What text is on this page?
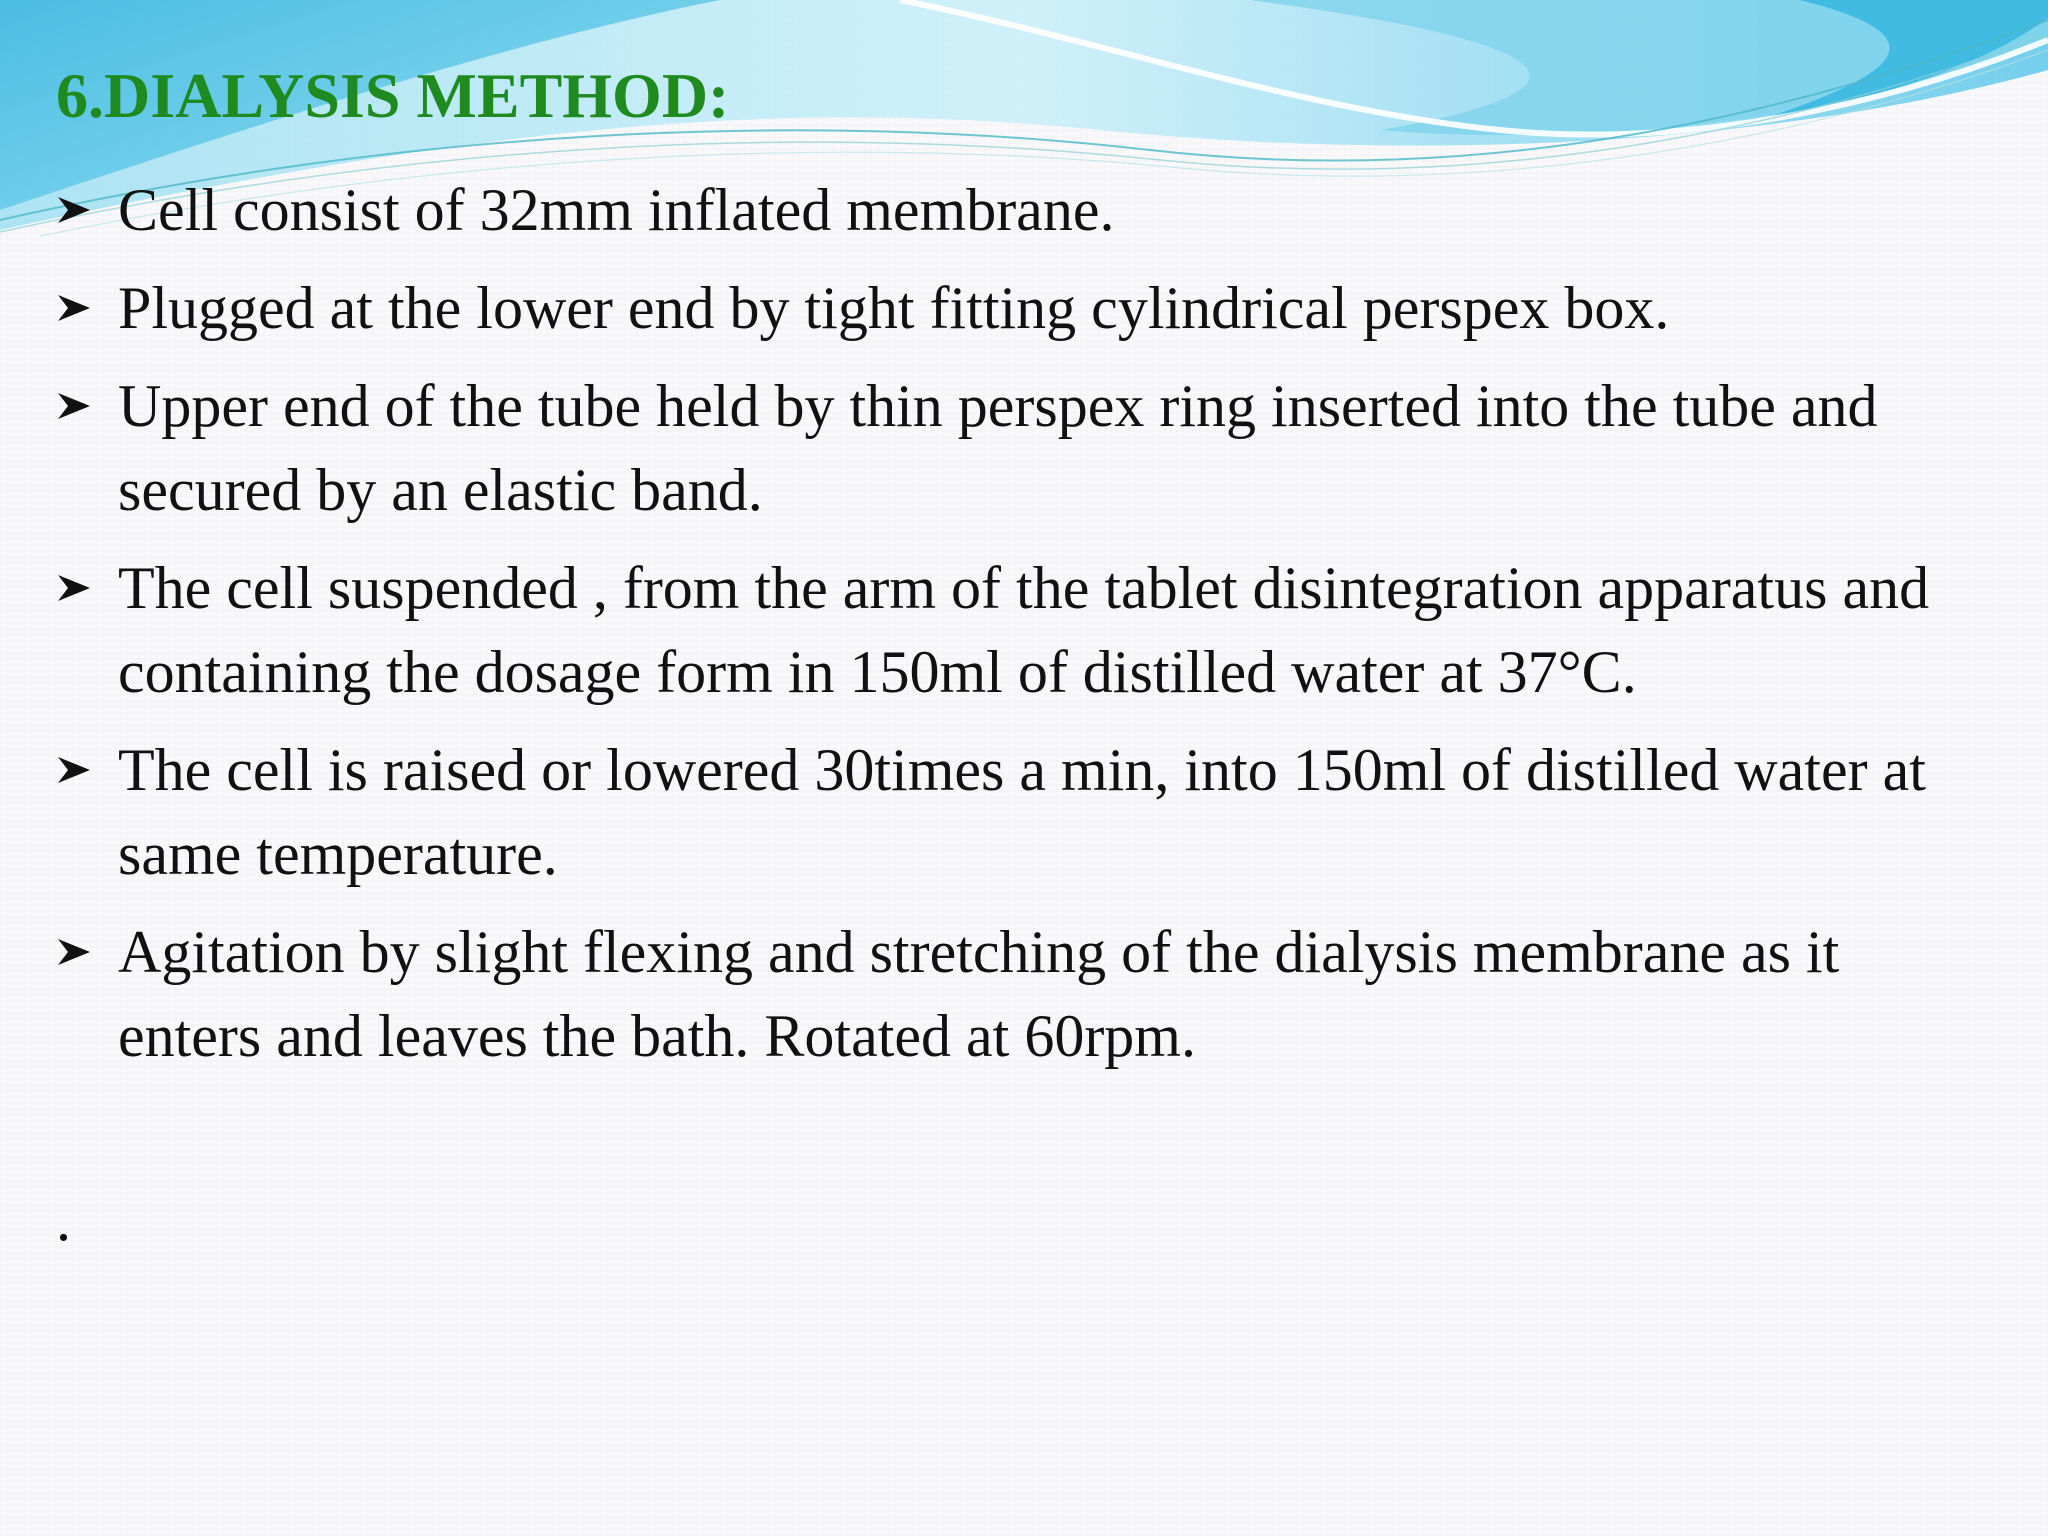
6.DIALYSIS METHOD:
Cell consist of 32mm inflated membrane.
Plugged at the lower end by tight fitting cylindrical perspex box.
Upper end of the tube held by thin perspex ring inserted into the tube and secured by an elastic band.
The cell suspended , from the arm of the tablet disintegration apparatus and containing the dosage form in 150ml of distilled water at 37°C.
The cell is raised or lowered 30times a min, into 150ml of distilled water at same temperature.
Agitation by slight flexing and stretching of the dialysis membrane as it enters and leaves the bath. Rotated at 60rpm.
.
